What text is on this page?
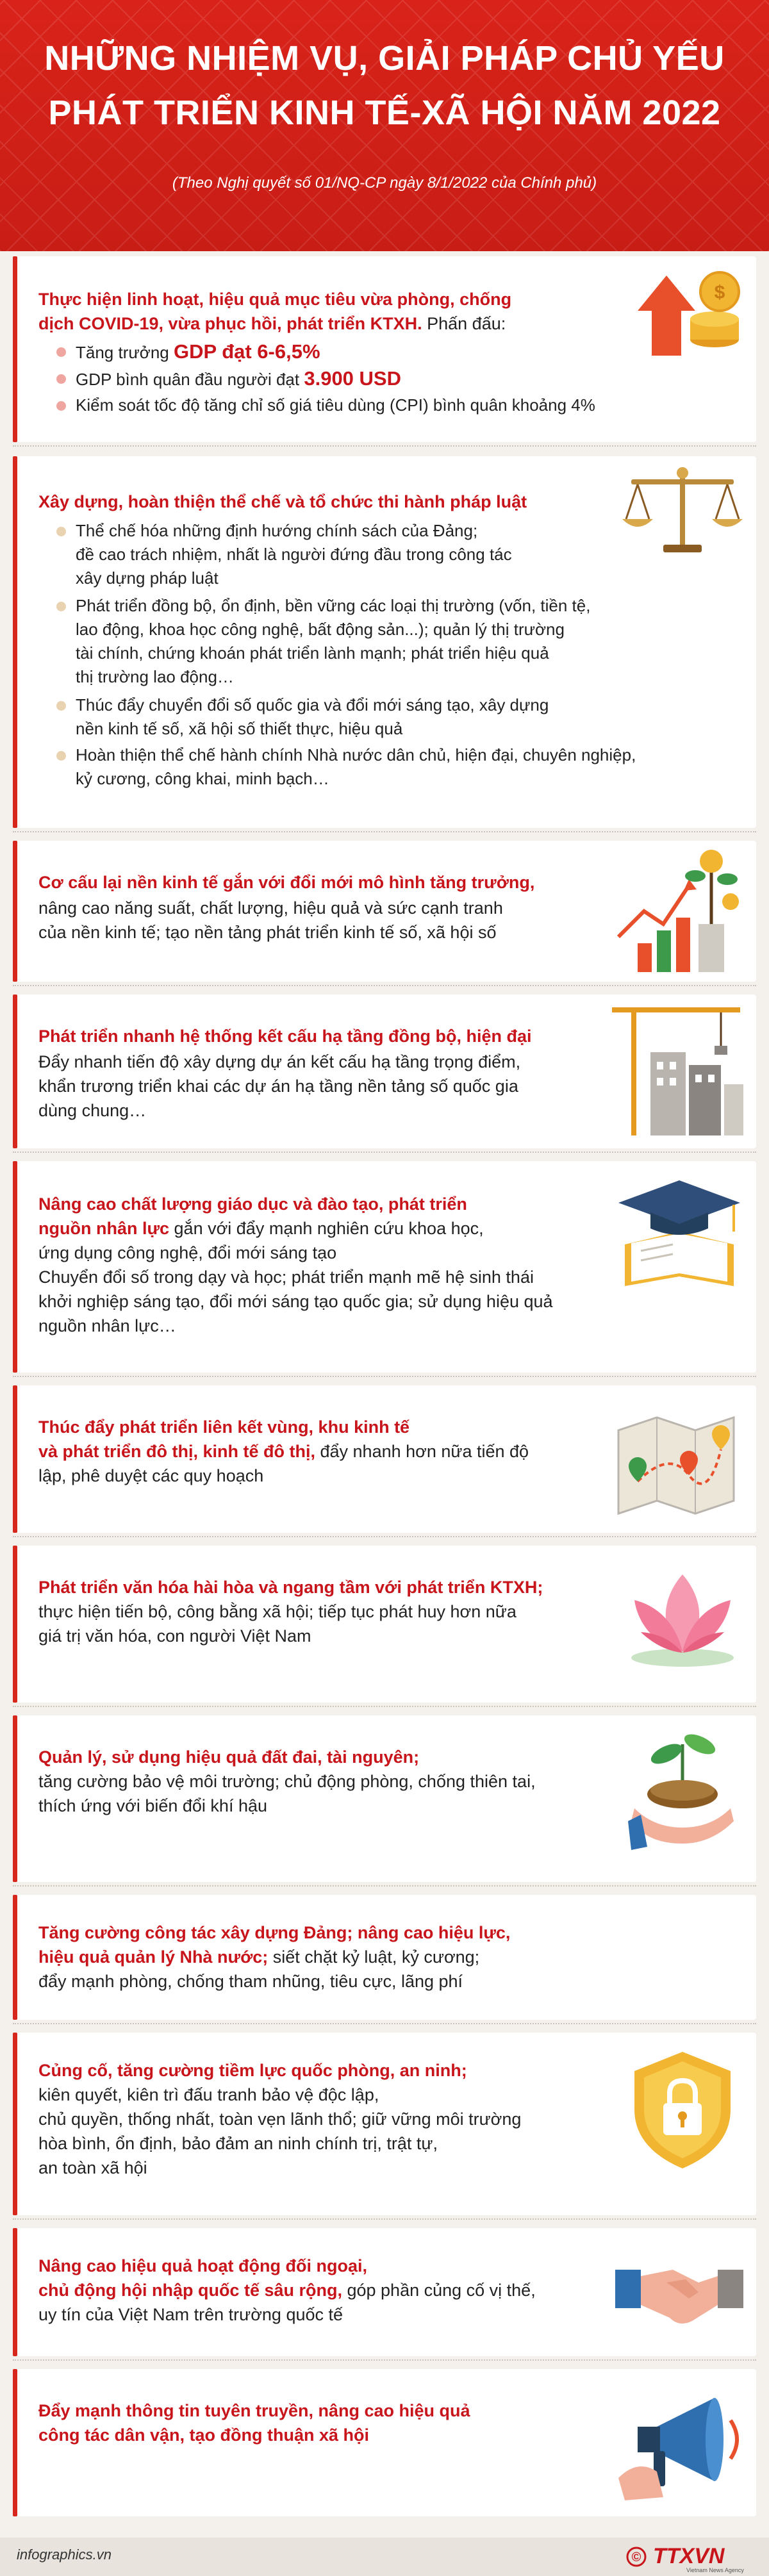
NHỮNG NHIỆM VỤ, GIẢI PHÁP CHỦ YẾU
PHÁT TRIỂN KINH TẾ-XÃ HỘI NĂM 2022
(Theo Nghị quyết số 01/NQ-CP ngày 8/1/2022 của Chính phủ)
Thực hiện linh hoạt, hiệu quả mục tiêu vừa phòng, chống
dịch COVID-19, vừa phục hồi, phát triển KTXH. Phấn đấu:
Tăng trưởng GDP đạt 6-6,5%
GDP bình quân đầu người đạt 3.900 USD
Kiểm soát tốc độ tăng chỉ số giá tiêu dùng (CPI) bình quân khoảng 4%
$
Xây dựng, hoàn thiện thể chế và tổ chức thi hành pháp luật
Thể chế hóa những định hướng chính sách của Đảng;
đề cao trách nhiệm, nhất là người đứng đầu trong công tác
xây dựng pháp luật
Phát triển đồng bộ, ổn định, bền vững các loại thị trường (vốn, tiền tệ,
lao động, khoa học công nghệ, bất động sản...); quản lý thị trường
tài chính, chứng khoán phát triển lành mạnh; phát triển hiệu quả
thị trường lao động…
Thúc đẩy chuyển đổi số quốc gia và đổi mới sáng tạo, xây dựng
nền kinh tế số, xã hội số thiết thực, hiệu quả
Hoàn thiện thể chế hành chính Nhà nước dân chủ, hiện đại, chuyên nghiệp,
kỷ cương, công khai, minh bạch…
Cơ cấu lại nền kinh tế gắn với đổi mới mô hình tăng trưởng,
nâng cao năng suất, chất lượng, hiệu quả và sức cạnh tranh
của nền kinh tế; tạo nền tảng phát triển kinh tế số, xã hội số
Phát triển nhanh hệ thống kết cấu hạ tầng đồng bộ, hiện đại
Đẩy nhanh tiến độ xây dựng dự án kết cấu hạ tầng trọng điểm,
khẩn trương triển khai các dự án hạ tầng nền tảng số quốc gia
dùng chung…
Nâng cao chất lượng giáo dục và đào tạo, phát triển
nguồn nhân lực gắn với đẩy mạnh nghiên cứu khoa học,
ứng dụng công nghệ, đổi mới sáng tạo
Chuyển đổi số trong dạy và học; phát triển mạnh mẽ hệ sinh thái
khởi nghiệp sáng tạo, đổi mới sáng tạo quốc gia; sử dụng hiệu quả
nguồn nhân lực…
Thúc đẩy phát triển liên kết vùng, khu kinh tế
và phát triển đô thị, kinh tế đô thị, đẩy nhanh hơn nữa tiến độ
lập, phê duyệt các quy hoạch
Phát triển văn hóa hài hòa và ngang tầm với phát triển KTXH;
thực hiện tiến bộ, công bằng xã hội; tiếp tục phát huy hơn nữa
giá trị văn hóa, con người Việt Nam
Quản lý, sử dụng hiệu quả đất đai, tài nguyên;
tăng cường bảo vệ môi trường; chủ động phòng, chống thiên tai,
thích ứng với biến đổi khí hậu
Tăng cường công tác xây dựng Đảng; nâng cao hiệu lực,
hiệu quả quản lý Nhà nước; siết chặt kỷ luật, kỷ cương;
đẩy mạnh phòng, chống tham nhũng, tiêu cực, lãng phí
Củng cố, tăng cường tiềm lực quốc phòng, an ninh;
kiên quyết, kiên trì đấu tranh bảo vệ độc lập,
chủ quyền, thống nhất, toàn vẹn lãnh thổ; giữ vững môi trường
hòa bình, ổn định, bảo đảm an ninh chính trị, trật tự,
an toàn xã hội
Nâng cao hiệu quả hoạt động đối ngoại,
chủ động hội nhập quốc tế sâu rộng, góp phần củng cố vị thế,
uy tín của Việt Nam trên trường quốc tế
Đẩy mạnh thông tin tuyên truyền, nâng cao hiệu quả
công tác dân vận, tạo đồng thuận xã hội
infographics.vn	© TTXVN
Vietnam News Agency
